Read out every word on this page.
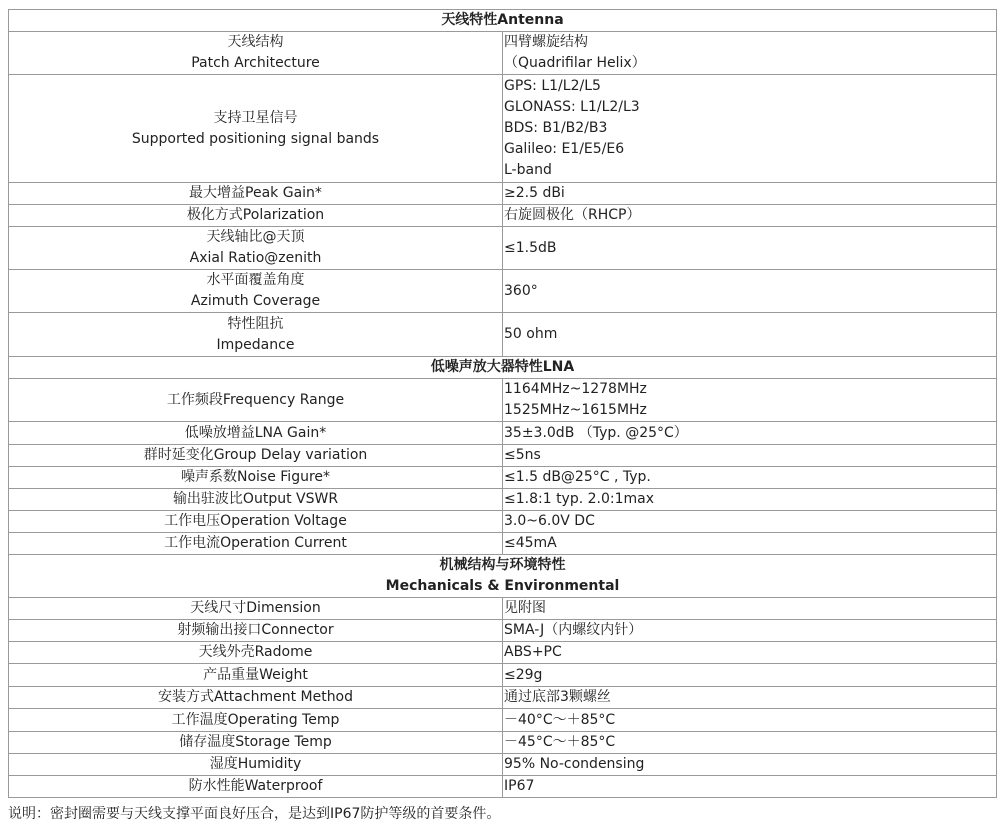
天线特性Antenna	

天线结构
Patch Architecture	四臂螺旋结构
（Quadrifilar Helix）

支持卫星信号
Supported positioning signal bands	GPS: L1/L2/L5
GLONASS: L1/L2/L3
BDS: B1/B2/B3
Galileo: E1/E5/E6
L-band

最大增益Peak Gain*	≥2.5 dBi

极化方式Polarization	右旋圆极化（RHCP）

天线轴比@天顶
Axial Ratio@zenith	≤1.5dB

水平面覆盖角度
Azimuth Coverage	360°

特性阻抗
Impedance	50 ohm

低噪声放大器特性LNA	

工作频段Frequency Range	1164MHz~1278MHz
1525MHz~1615MHz

低噪放增益LNA Gain*	35±3.0dB （Typ. @25°C）

群时延变化Group Delay variation	≤5ns

噪声系数Noise Figure*	≤1.5 dB@25°C , Typ.

输出驻波比Output VSWR	≤1.8:1 typ. 2.0:1max

工作电压Operation Voltage	3.0~6.0V DC

工作电流Operation Current	≤45mA

机械结构与环境特性
Mechanicals & Environmental	

天线尺寸Dimension	见附图

射频输出接口Connector	SMA-J（内螺纹内针）

天线外壳Radome	ABS+PC

产品重量Weight	≤29g

安装方式Attachment Method	通过底部3颗螺丝

工作温度Operating Temp	－40°C～＋85°C

储存温度Storage Temp	－45°C～＋85°C

湿度Humidity	95% No-condensing

防水性能Waterproof	IP67
说明：密封圈需要与天线支撑平面良好压合，是达到IP67防护等级的首要条件。
